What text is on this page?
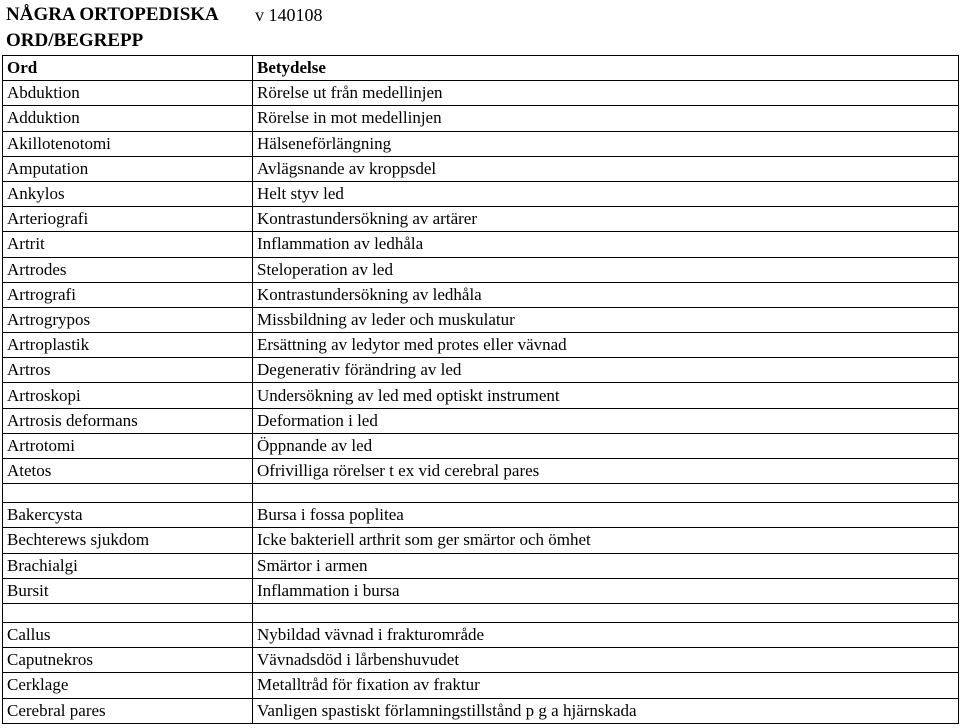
NÅGRA ORTOPEDISKA
ORD/BEGREPP
v 140108
Ord	Betydelse
Abduktion	Rörelse ut från medellinjen
Adduktion	Rörelse in mot medellinjen
Akillotenotomi	Hälseneförlängning
Amputation	Avlägsnande av kroppsdel
Ankylos	Helt styv led
Arteriografi	Kontrastundersökning av artärer
Artrit	Inflammation av ledhåla
Artrodes	Steloperation av led
Artrografi	Kontrastundersökning av ledhåla
Artrogrypos	Missbildning av leder och muskulatur
Artroplastik	Ersättning av ledytor med protes eller vävnad
Artros	Degenerativ förändring av led
Artroskopi	Undersökning av led med optiskt instrument
Artrosis deformans	Deformation i led
Artrotomi	Öppnande av led
Atetos	Ofrivilliga rörelser t ex vid cerebral pares

Bakercysta	Bursa i fossa poplitea
Bechterews sjukdom	Icke bakteriell arthrit som ger smärtor och ömhet
Brachialgi	Smärtor i armen
Bursit	Inflammation i bursa

Callus	Nybildad vävnad i frakturområde
Caputnekros	Vävnadsdöd i lårbenshuvudet
Cerklage	Metalltråd för fixation av fraktur
Cerebral pares	Vanligen spastiskt förlamningstillstånd p g a hjärnskada
